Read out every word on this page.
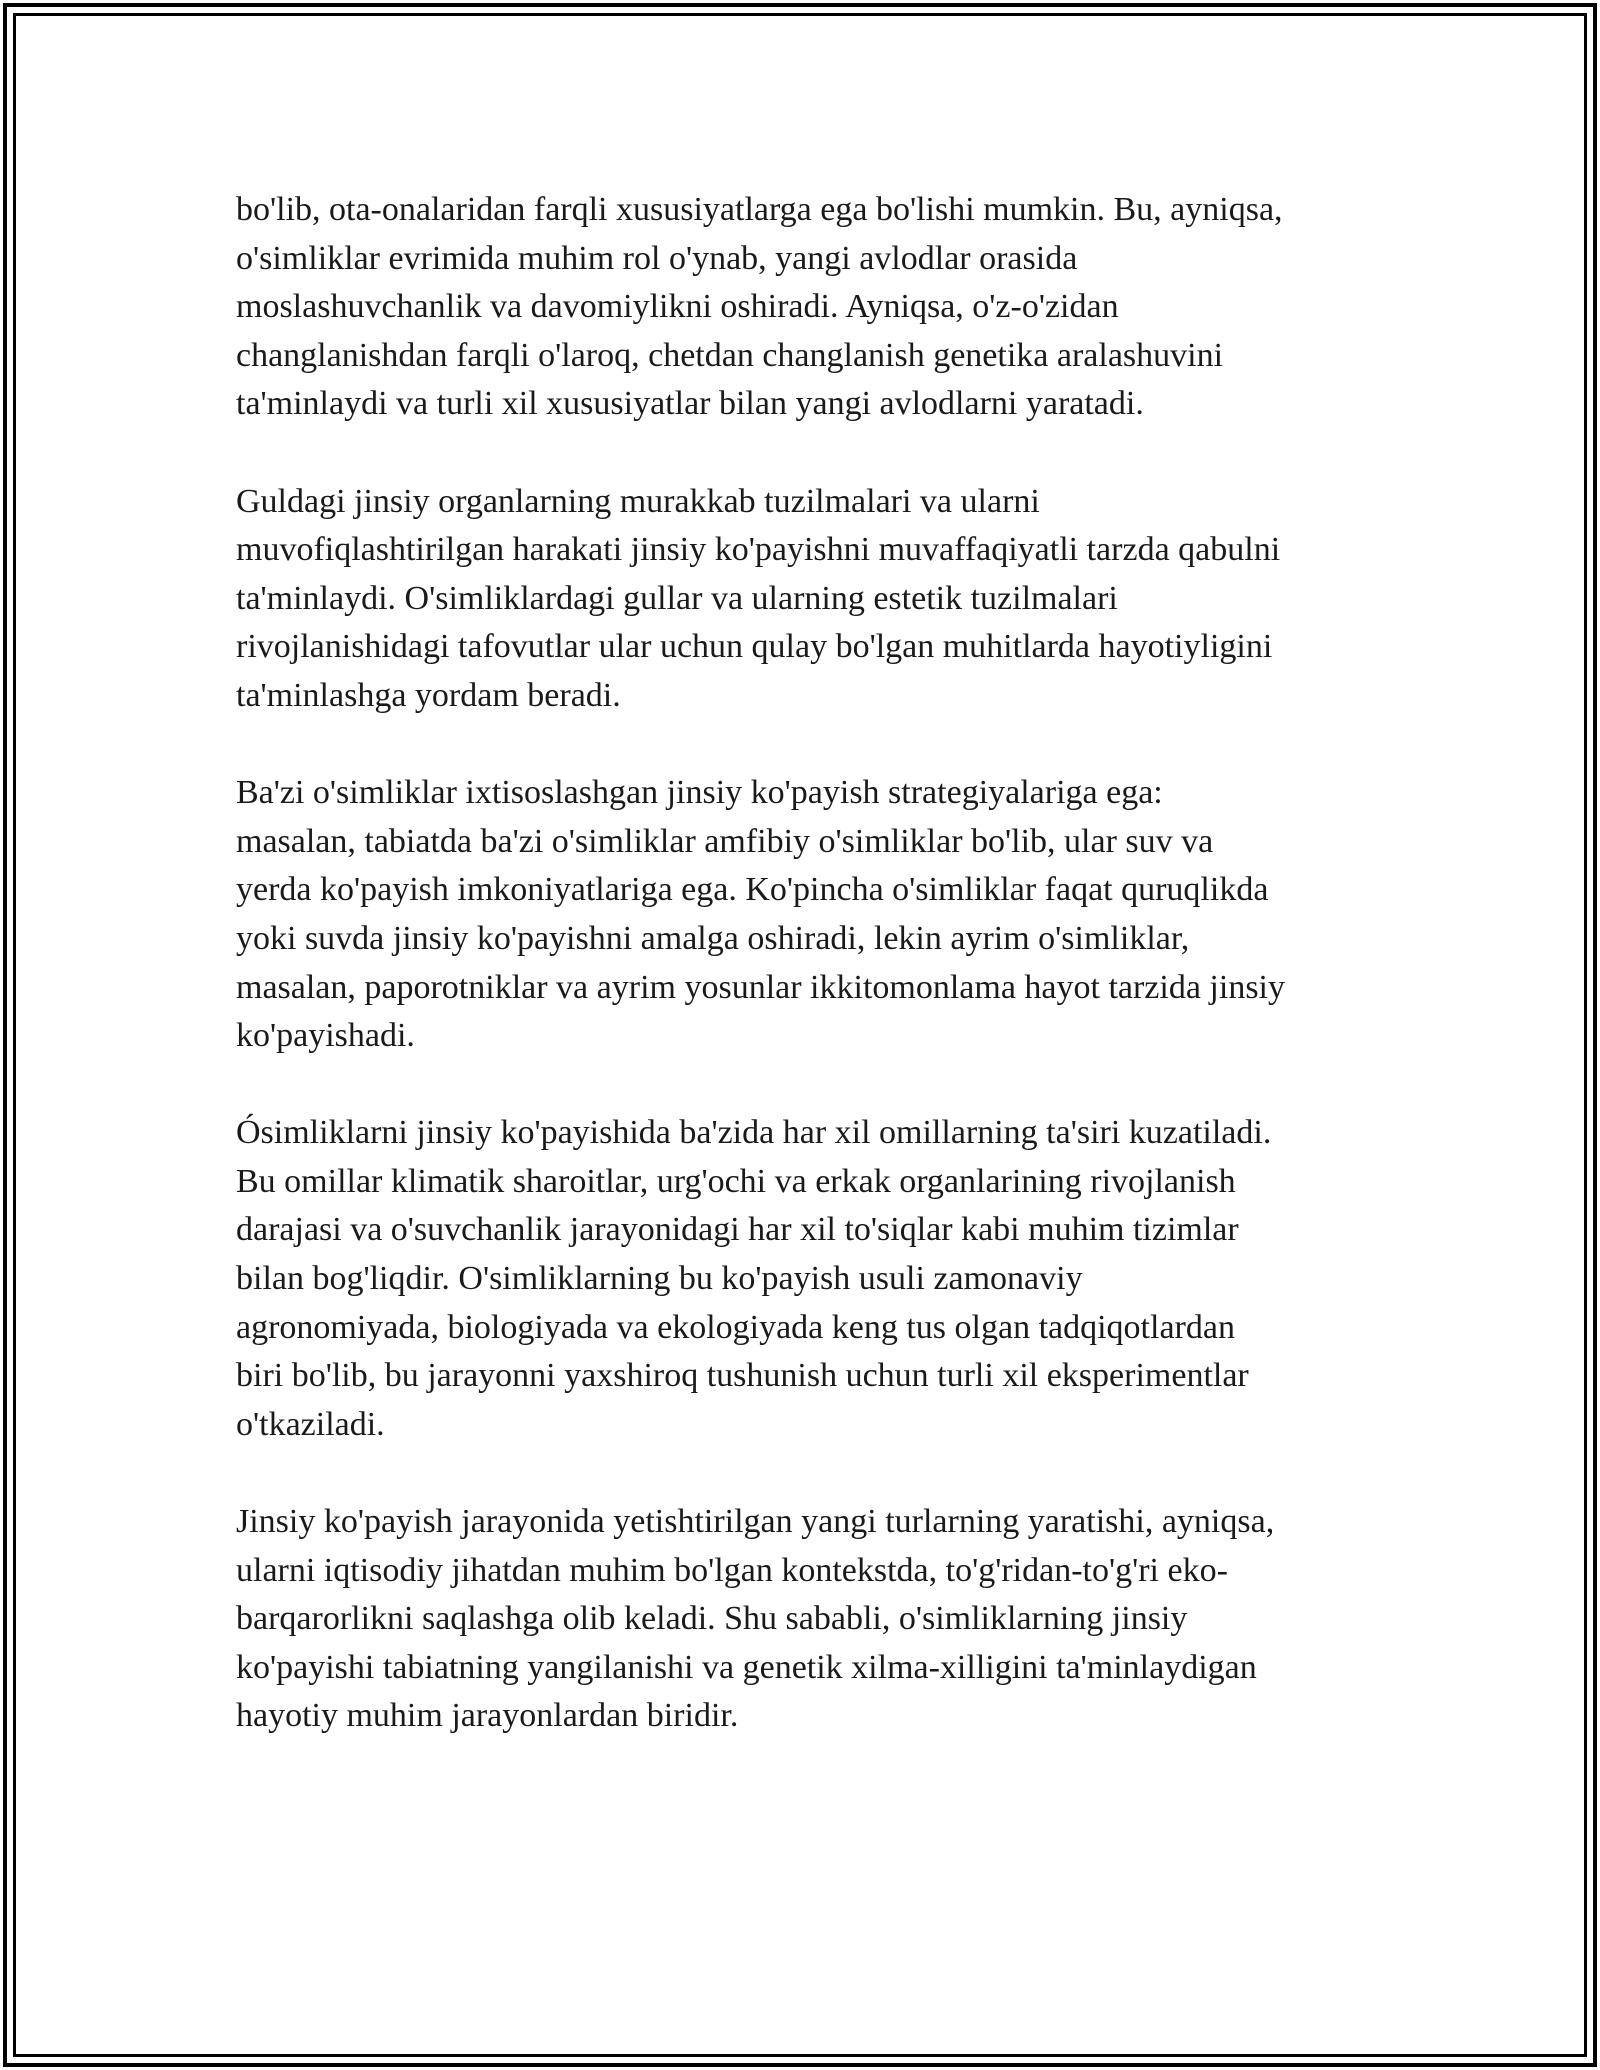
bo'lib, ota-onalaridan farqli xususiyatlarga ega bo'lishi mumkin. Bu, ayniqsa,
o'simliklar evrimida muhim rol o'ynab, yangi avlodlar orasida
moslashuvchanlik va davomiylikni oshiradi. Ayniqsa, o'z-o'zidan
changlanishdan farqli o'laroq, chetdan changlanish genetika aralashuvini
ta'minlaydi va turli xil xususiyatlar bilan yangi avlodlarni yaratadi.

Guldagi jinsiy organlarning murakkab tuzilmalari va ularni
muvofiqlashtirilgan harakati jinsiy ko'payishni muvaffaqiyatli tarzda qabulni
ta'minlaydi. O'simliklardagi gullar va ularning estetik tuzilmalari
rivojlanishidagi tafovutlar ular uchun qulay bo'lgan muhitlarda hayotiyligini
ta'minlashga yordam beradi.

Ba'zi o'simliklar ixtisoslashgan jinsiy ko'payish strategiyalariga ega:
masalan, tabiatda ba'zi o'simliklar amfibiy o'simliklar bo'lib, ular suv va
yerda ko'payish imkoniyatlariga ega. Ko'pincha o'simliklar faqat quruqlikda
yoki suvda jinsiy ko'payishni amalga oshiradi, lekin ayrim o'simliklar,
masalan, paporotniklar va ayrim yosunlar ikkitomonlama hayot tarzida jinsiy
ko'payishadi.

Ósimliklarni jinsiy ko'payishida ba'zida har xil omillarning ta'siri kuzatiladi.
Bu omillar klimatik sharoitlar, urg'ochi va erkak organlarining rivojlanish
darajasi va o'suvchanlik jarayonidagi har xil to'siqlar kabi muhim tizimlar
bilan bog'liqdir. O'simliklarning bu ko'payish usuli zamonaviy
agronomiyada, biologiyada va ekologiyada keng tus olgan tadqiqotlardan
biri bo'lib, bu jarayonni yaxshiroq tushunish uchun turli xil eksperimentlar
o'tkaziladi.

Jinsiy ko'payish jarayonida yetishtirilgan yangi turlarning yaratishi, ayniqsa,
ularni iqtisodiy jihatdan muhim bo'lgan kontekstda, to'g'ridan-to'g'ri eko-
barqarorlikni saqlashga olib keladi. Shu sababli, o'simliklarning jinsiy
ko'payishi tabiatning yangilanishi va genetik xilma-xilligini ta'minlaydigan
hayotiy muhim jarayonlardan biridir.
